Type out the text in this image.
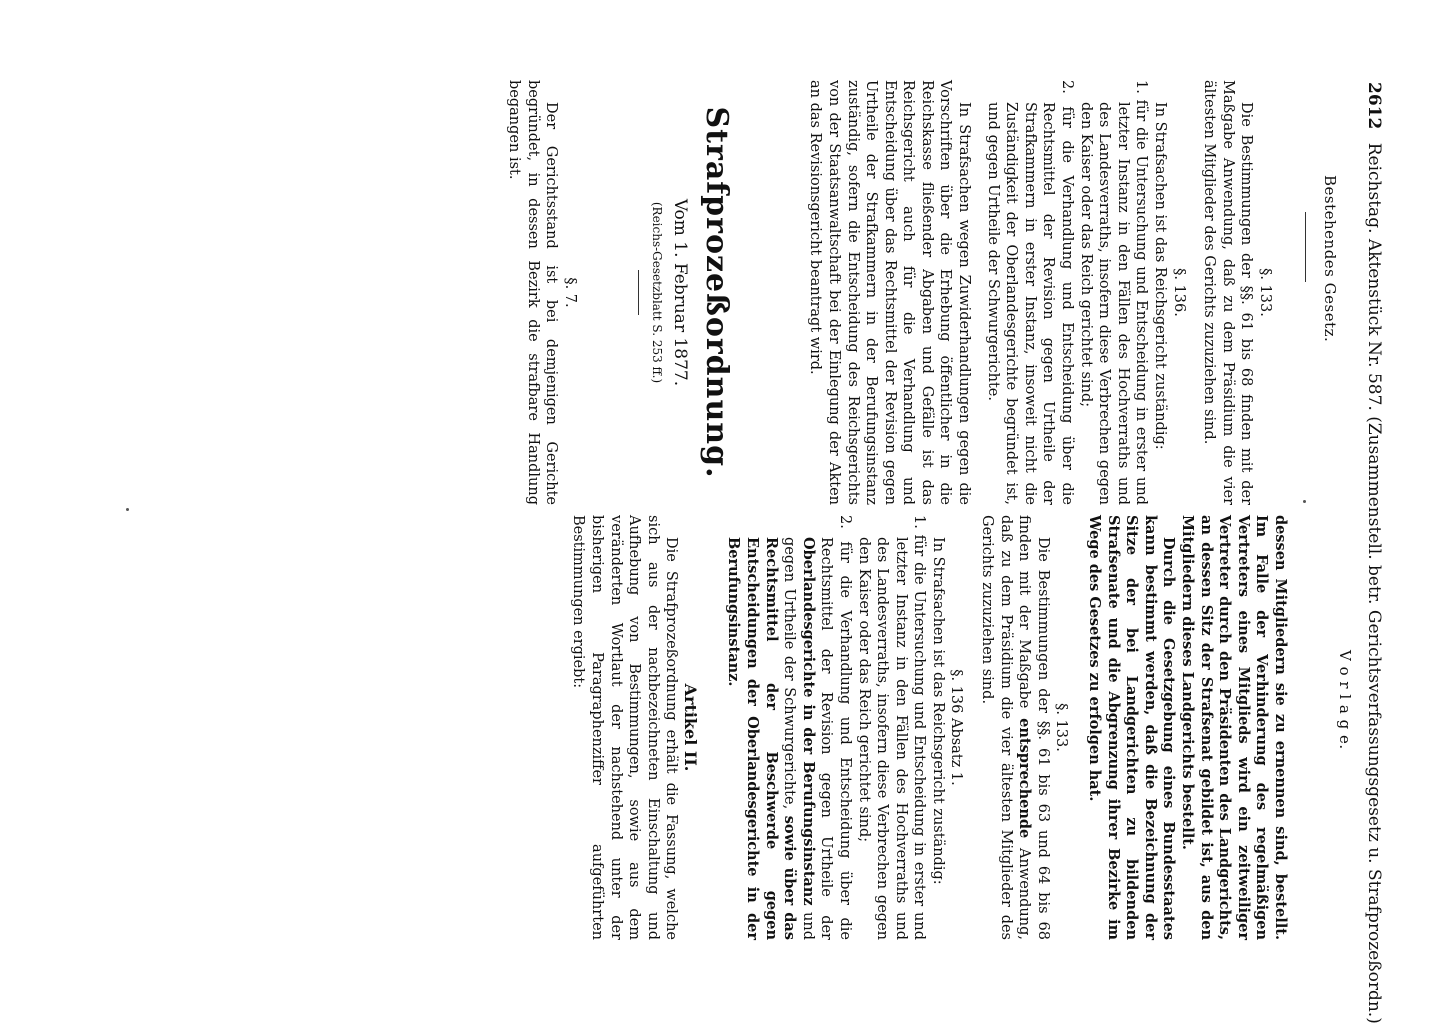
2612 Reichstag. Aktenstück Nr. 587. (Zusammenstell. betr. Gerichtsverfassungsgesetz u. Strafprozeßordn.)
Bestehendes Gesetz.

§. 133.

Die Bestimmungen der §§. 61 bis 68 finden mit der Maßgabe Anwendung, daß zu dem Präsidium die vier ältesten Mitglieder des Gerichts zuzuziehen sind.

§. 136.

In Strafsachen ist das Reichsgericht zuständig:

1. für die Untersuchung und Entscheidung in erster und letzter Instanz in den Fällen des Hochverraths und des Landesverraths, insofern diese Verbrechen gegen den Kaiser oder das Reich gerichtet sind;

2. für die Verhandlung und Entscheidung über die Rechtsmittel der Revision gegen Urtheile der Strafkammern in erster Instanz, insoweit nicht die Zuständigkeit der Oberlandesgerichte begründet ist, und gegen Urtheile der Schwurgerichte.

In Strafsachen wegen Zuwiderhandlungen gegen die Vorschriften über die Erhebung öffentlicher in die Reichskasse fließender Abgaben und Gefälle ist das Reichsgericht auch für die Verhandlung und Entscheidung über das Rechtsmittel der Revision gegen Urtheile der Strafkammern in der Berufungsinstanz zuständig, sofern die Entscheidung des Reichsgerichts von der Staatsanwaltschaft bei der Einlegung der Akten an das Revisionsgericht beantragt wird.

Strafprozeßordnung.
Vom 1. Februar 1877.
(Reichs-Gesetzblatt S. 253 ff.)

§. 7.

Der Gerichtsstand ist bei demjenigen Gerichte begründet, in dessen Bezirk die strafbare Handlung begangen ist.

V o r l a g e.

dessen Mitgliedern sie zu ernennen sind, bestellt. Im Falle der Verhinderung des regelmäßigen Vertreters eines Mitglieds wird ein zeitweiliger Vertreter durch den Präsidenten des Landgerichts, an dessen Sitz der Strafsenat gebildet ist, aus den Mitgliedern dieses Landgerichts bestellt.

Durch die Gesetzgebung eines Bundesstaates kann bestimmt werden, daß die Bezeichnung der Sitze der bei Landgerichten zu bildenden Strafsenate und die Abgrenzung ihrer Bezirke im Wege des Gesetzes zu erfolgen hat.

§. 133.

Die Bestimmungen der §§. 61 bis 63 und 64 bis 68 finden mit der Maßgabe entsprechende Anwendung, daß zu dem Präsidium die vier ältesten Mitglieder des Gerichts zuzuziehen sind.

§. 136 Absatz 1.

In Strafsachen ist das Reichsgericht zuständig:

1. für die Untersuchung und Entscheidung in erster und letzter Instanz in den Fällen des Hochverraths und des Landesverraths, insofern diese Verbrechen gegen den Kaiser oder das Reich gerichtet sind;

2. für die Verhandlung und Entscheidung über die Rechtsmittel der Revision gegen Urtheile der Oberlandesgerichte in der Berufungsinstanz und gegen Urtheile der Schwurgerichte, sowie über das Rechtsmittel der Beschwerde gegen Entscheidungen der Oberlandesgerichte in der Berufungsinstanz.

Artikel II.

Die Strafprozeßordnung erhält die Fassung, welche sich aus der nachbezeichneten Einschaltung und Aufhebung von Bestimmungen, sowie aus dem veränderten Wortlaut der nachstehend unter der bisherigen Paragraphenziffer aufgeführten Bestimmungen ergiebt:
